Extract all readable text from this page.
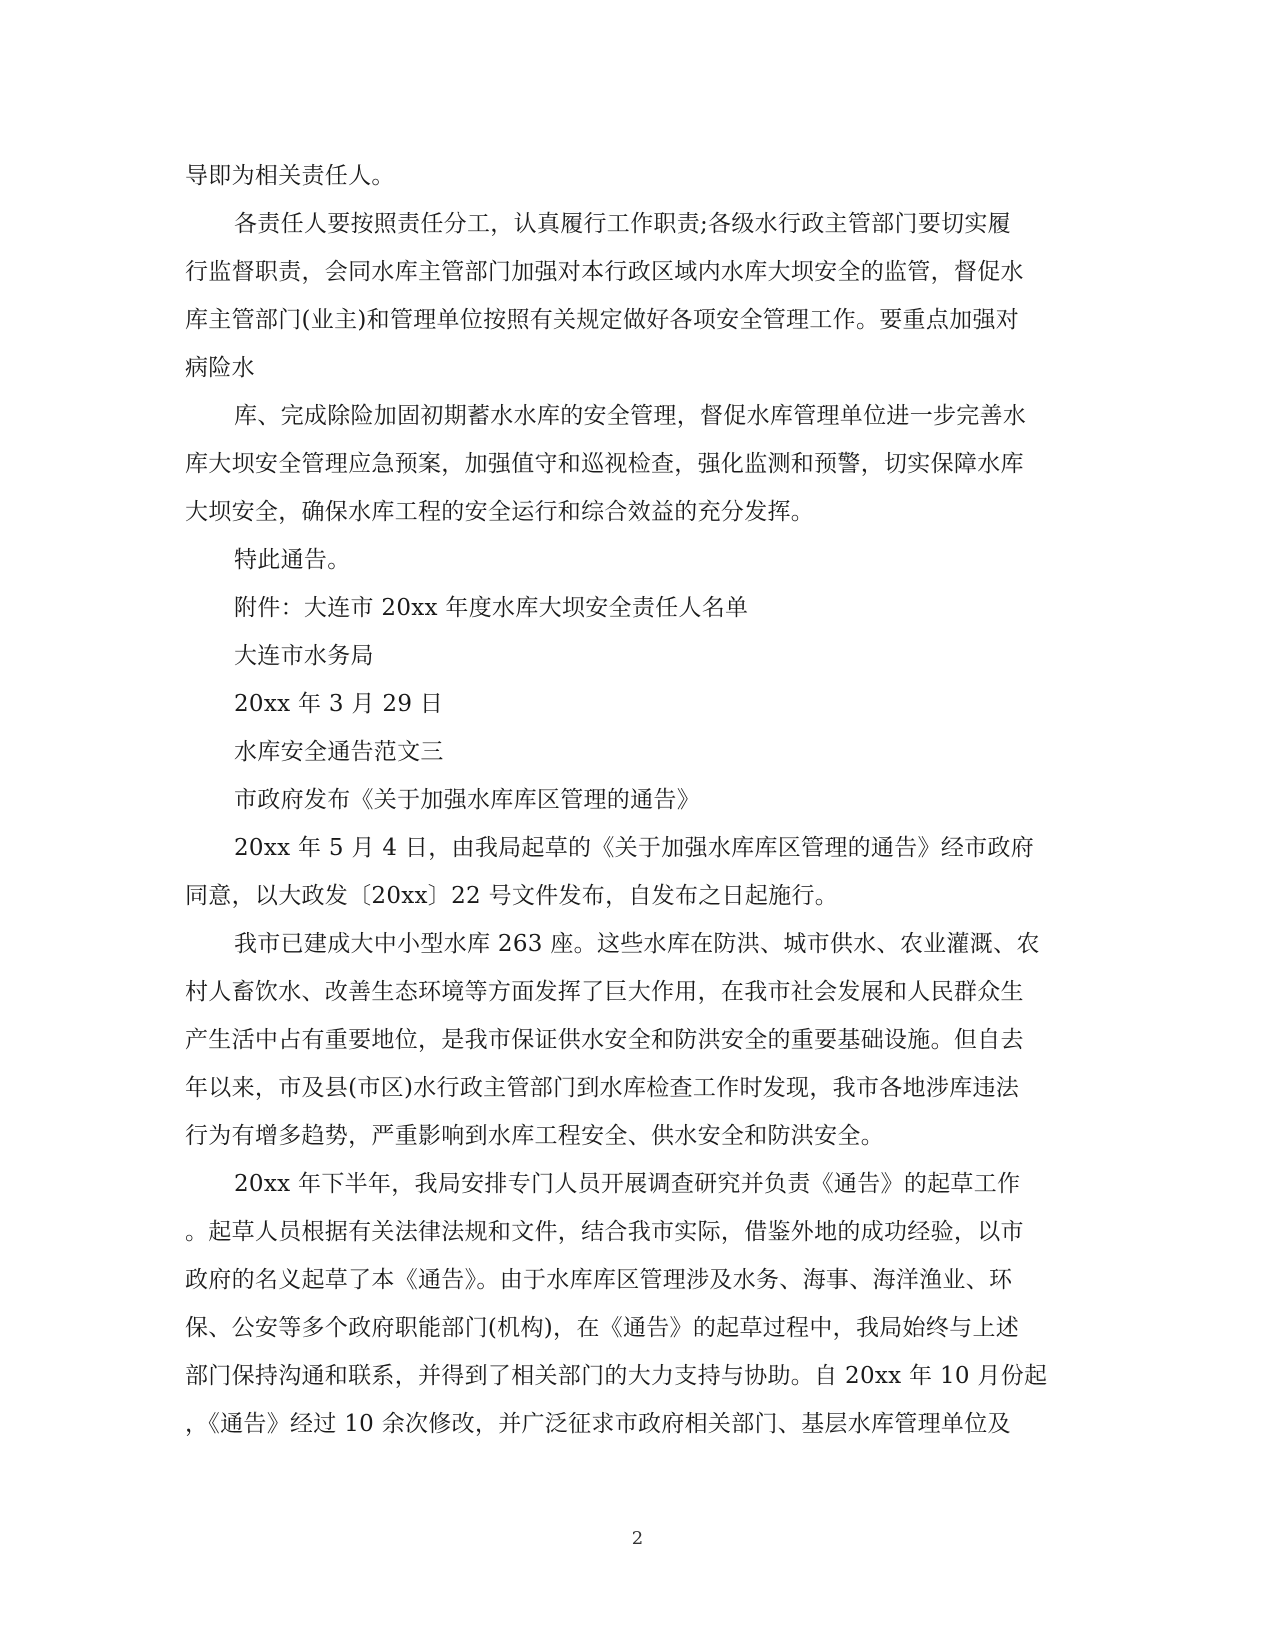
导即为相关责任人。
各责任人要按照责任分工，认真履行工作职责;各级水行政主管部门要切实履
行监督职责，会同水库主管部门加强对本行政区域内水库大坝安全的监管，督促水
库主管部门(业主)和管理单位按照有关规定做好各项安全管理工作。要重点加强对
病险水
库、完成除险加固初期蓄水水库的安全管理，督促水库管理单位进一步完善水
库大坝安全管理应急预案，加强值守和巡视检查，强化监测和预警，切实保障水库
大坝安全，确保水库工程的安全运行和综合效益的充分发挥。
特此通告。
附件：大连市 20xx 年度水库大坝安全责任人名单
大连市水务局
20xx 年 3 月 29 日
水库安全通告范文三
市政府发布《关于加强水库库区管理的通告》
20xx 年 5 月 4 日，由我局起草的《关于加强水库库区管理的通告》经市政府
同意，以大政发〔20xx〕22 号文件发布，自发布之日起施行。
我市已建成大中小型水库 263 座。这些水库在防洪、城市供水、农业灌溉、农
村人畜饮水、改善生态环境等方面发挥了巨大作用，在我市社会发展和人民群众生
产生活中占有重要地位，是我市保证供水安全和防洪安全的重要基础设施。但自去
年以来，市及县(市区)水行政主管部门到水库检查工作时发现，我市各地涉库违法
行为有增多趋势，严重影响到水库工程安全、供水安全和防洪安全。
20xx 年下半年，我局安排专门人员开展调查研究并负责《通告》的起草工作
。起草人员根据有关法律法规和文件，结合我市实际，借鉴外地的成功经验，以市
政府的名义起草了本《通告》。由于水库库区管理涉及水务、海事、海洋渔业、环
保、公安等多个政府职能部门(机构)，在《通告》的起草过程中，我局始终与上述
部门保持沟通和联系，并得到了相关部门的大力支持与协助。自 20xx 年 10 月份起
，《通告》经过 10 余次修改，并广泛征求市政府相关部门、基层水库管理单位及
2
